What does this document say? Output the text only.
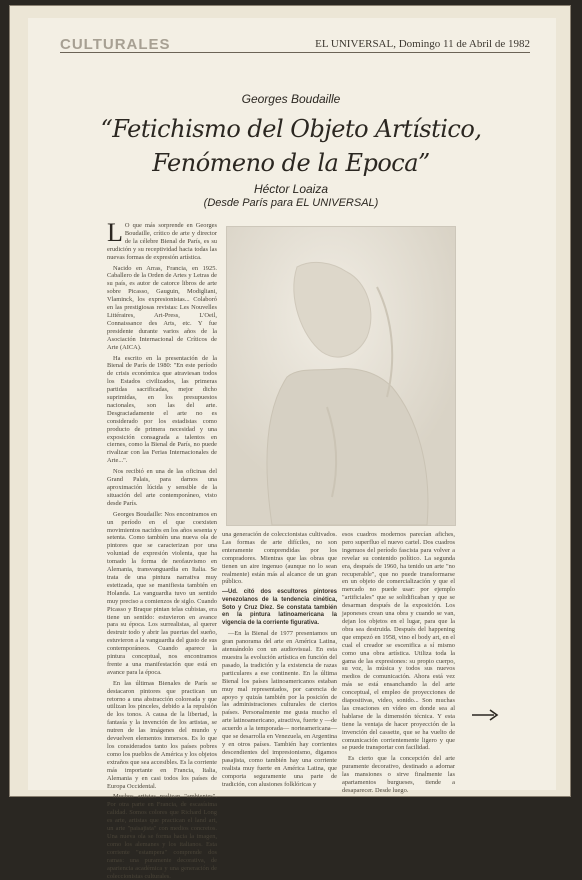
CULTURALES	EL UNIVERSAL, Domingo 11 de Abril de 1982
Georges Boudaille
“Fetichismo del Objeto Artístico,
Fenómeno de la Epoca”
Héctor Loaiza
(Desde París para EL UNIVERSAL)

L O que más sorprende en Georges Boudaille, crítico de arte y director de la célebre Bienal de París, es su erudición y su receptividad hacia todas las nuevas formas de expresión artística.

Nacido en Arras, Francia, en 1925. Caballero de la Orden de Artes y Letras de su país, es autor de catorce libros de arte sobre Picasso, Gauguin, Modigliani, Vlaminck, los expresionistas... Colaboró en las prestigiosas revistas: Les Nouvelles Littéraires, Art-Press, L'Oeil, Connaissance des Arts, etc. Y fue presidente durante varios años de la Asociación Internacional de Críticos de Arte (AICA).

Ha escrito en la presentación de la Bienal de París de 1980: "En este período de crisis económica que atraviesan todos los Estados civilizados, las primeras partidas sacrificadas, mejor dicho suprimidas, en los presupuestos nacionales, son las del arte. Desgraciadamente el arte no es considerado por los estadistas como producto de primera necesidad y una exposición consagrada a talentos en ciernes, como la Bienal de París, no puede rivalizar con las Ferias Internacionales de Arte...".

Nos recibió en una de las oficinas del Grand Palais, para darnos una aproximación lúcida y sensible de la situación del arte contemporáneo, visto desde París.

Georges Boudaille: Nos encontramos en un período en el que coexisten movimientos nacidos en los años sesenta y setenta. Como también una nueva ola de pintores que se caracterizan por una voluntad de expresión violenta, que ha tomado la forma de neofauvismo en Alemania, transvanguardia en Italia. Se trata de una pintura narrativa muy estetizada, que se manifiesta también en Holanda. La vanguardia tuvo un sentido muy preciso a comienzos de siglo. Cuando Picasso y Braque pintan telas cubistas, era tiene un sentido: estuvieron en avance para su época. Los surrealistas, al querer destruir todo y abrir las puertas del sueño, estuvieron a la vanguardia del gusto de sus contemporáneos. Cuando aparece la pintura conceptual, nos encontramos frente a una manifestación que está en avance para la época.

En las últimas Bienales de París se destacaron pintores que practican un retorno a una abstracción coloreada y que utilizan los pinceles, debido a la repulsión de los tonos. A causa de la libertad, la fantasía y la invención de los artistas, se nutren de las imágenes del mundo y devuelven elementos inmersos. Es lo que los considerados tanto los países pobres como los pueblos de América y los objetos extraños que sea accesibles. Es la corriente más importante en Francia, Italia, Alemania y en casi todos los países de Europa Occidental.

Muchos artistas realizan "ambientes". Por otra parte en Francia, de escasísima calidad. Somos colores que Richard Long es arte, artistas que practican el land art, un arte "paisajista" con medios concretos. Una nueva ola se forma hacia la imagen, como los alemanes y los italianos. Esta corriente "estampera" comprende dos ramas: una puramente decorativa, de apariencia académica y una generación de coleccionistas culturales.

una generación de coleccionistas cultivados. Las formas de arte difíciles, no son enteramente comprendidas por los compradores. Mientras que las obras que tienen un aire ingenuo (aunque no lo sean realmente) están más al alcance de un gran público.

—Ud. citó dos escultores pintores venezolanos de la tendencia cinética, Soto y Cruz Díez. Se constata también en la pintura latinoamericana la vigencia de la corriente figurativa.

—En la Bienal de 1977 presentamos un gran panorama del arte en América Latina, atenuándolo con un audiovisual. En esta muestra la evolución artística en función del pasado, la tradición y la existencia de razas particulares a ese continente. En la última Bienal los países latinoamericanos estaban muy mal representados, por carencia de apoyo y quizás también por la posición de las administraciones culturales de ciertos países. Personalmente me gusta mucho el arte latinoamericano, atractiva, fuerte y —de acuerdo a la temporada— norteamericana— que se desarrolla en Venezuela, en Argentina y en otros países. También hay corrientes descendientes del impresionismo, digamos pasajista, como también hay una corriente realista muy fuerte en América Latina, que comporta seguramente una parte de tradición, con alusiones folklóricas y

esos cuadros modernos parecían afiches, pero superfluo el nuevo cartel. Dos cuadros ingenuos del período fascista para volver a revelar su contenido político. La segunda era, después de 1960, ha tenido un arte "no recuperable", que no puede transformarse en un objeto de comercialización y que el mercado no puede usar: por ejemplo "artificiales" que se solidificaban y que se desarman después de la exposición. Los japoneses crean una obra y cuando se van, dejan los objetos en el lugar, para que la obra sea destruida. Después del happening que empezó en 1958, vino el body art, en el cual el creador se escenifica a sí mismo como una obra artística. Utiliza toda la gama de las expresiones: su propio cuerpo, su voz, la música y todos sus nuevos medios de comunicación. Ahora está vez más se está ensanchando la del arte conceptual, el empleo de proyecciones de diapositivas, video, sonido... Son muchas las creaciones en vídeo en donde sea al hablarse de la dimensión técnica. Y esta tiene la ventaja de hacer proyección de la invención del cassette, que se ha vuelto de comunicación corrientemente ligero y que se puede transportar con facilidad.

Es cierto que la concepción del arte puramente decorativo, destinado a adornar las mansiones o sirve finalmente las apartamentos burgueses, tiende a desaparecer. Desde luego.
